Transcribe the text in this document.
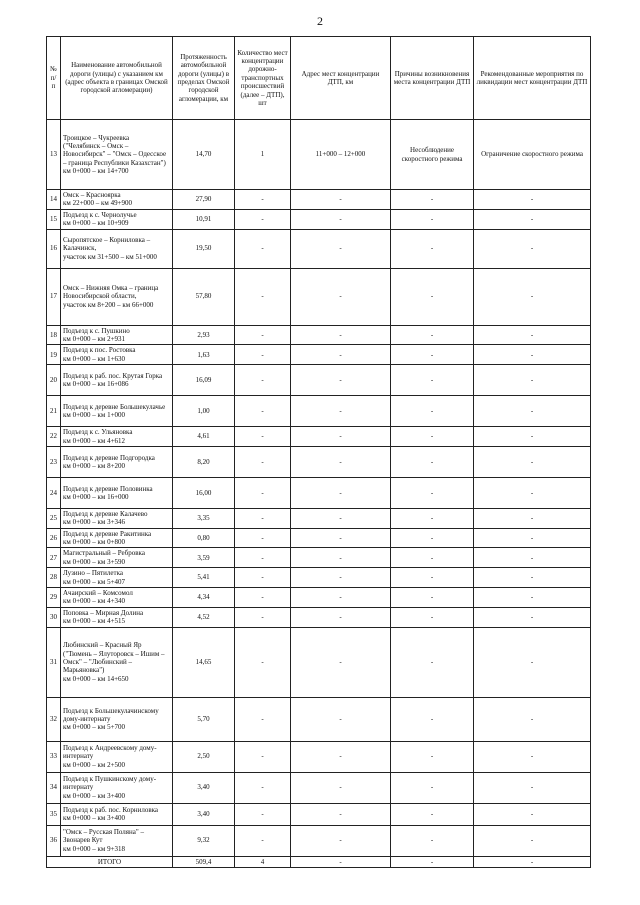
2
№ п/п	Наименование автомобильной дороги (улицы) с указанием км (адрес объекта в границах Омской городской агломерации)	Протяженность автомобильной дороги (улицы) в пределах Омской городской агломерации, км	Количество мест концентрации дорожно-транспортных происшествий (далее – ДТП), шт	Адрес мест концентрации ДТП, км	Причины возникновения места концентрации ДТП	Рекомендованные мероприятия по ликвидации мест концентрации ДТП
13	Троицкое – Чукреевка
("Челябинск – Омск – Новосибирск" – "Омск – Одесское – граница Республики Казахстан")
км 0+000 – км 14+700	14,70	1	11+000 – 12+000	Несоблюдение скоростного режима	Ограничение скоростного режима
14	Омск – Красноярка
км 22+000 – км 49+900	27,90	-	-	-	-
15	Подъезд к с. Чернолучье
км 0+000 – км 10+909	10,91	-	-	-	-
16	Сыропятское – Корниловка – Калачинск,
участок км 31+500 – км 51+000	19,50	-	-	-	-
17	Омск – Нижняя Омка – граница Новосибирской области,
участок км 8+200 – км 66+000	57,80	-	-	-	-
18	Подъезд к с. Пушкино
км 0+000 – км 2+931	2,93	-	-	-	-
19	Подъезд к пос. Ростовка
км 0+000 – км 1+630	1,63	-	-	-	-
20	Подъезд к раб. пос. Крутая Горка
км 0+000 – км 16+086	16,09	-	-	-	-
21	Подъезд к деревне Большекулачье
км 0+000 – км 1+000	1,00	-	-	-	-
22	Подъезд к с. Ульяновка
км 0+000 – км 4+612	4,61	-	-	-	-
23	Подъезд к деревне Подгородка
км 0+000 – км 8+200	8,20	-	-	-	-
24	Подъезд к деревне Половинка
км 0+000 – км 16+000	16,00	-	-	-	-
25	Подъезд к деревне Калачево
км 0+000 – км 3+346	3,35	-	-	-	-
26	Подъезд к деревне Ракитинка
км 0+000 – км 0+800	0,80	-	-	-	-
27	Магистральный – Ребровка
км 0+000 – км 3+590	3,59	-	-	-	-
28	Лузино – Пятилетка
км 0+000 – км 5+407	5,41	-	-	-	-
29	Ачаирский – Комсомол
км 0+000 – км 4+340	4,34	-	-	-	-
30	Поповка – Мирная Долина
км 0+000 – км 4+515	4,52	-	-	-	-
31	Любинский – Красный Яр
("Тюмень – Ялуторовск – Ишим – Омск" – "Любинский – Марьяновка")
км 0+000 – км 14+650	14,65	-	-	-	-
32	Подъезд к Большекулачинскому дому-интернату
км 0+000 – км 5+700	5,70	-	-	-	-
33	Подъезд к Андреевскому дому-интернату
км 0+000 – км 2+500	2,50	-	-	-	-
34	Подъезд к Пушкинскому дому-интернату
км 0+000 – км 3+400	3,40	-	-	-	-
35	Подъезд к раб. пос. Корниловка
км 0+000 – км 3+400	3,40	-	-	-	-
36	"Омск – Русская Поляна" – Звонарев Кут
км 0+000 – км 9+318	9,32	-	-	-	-
ИТОГО		509,4	4	-	-	-
